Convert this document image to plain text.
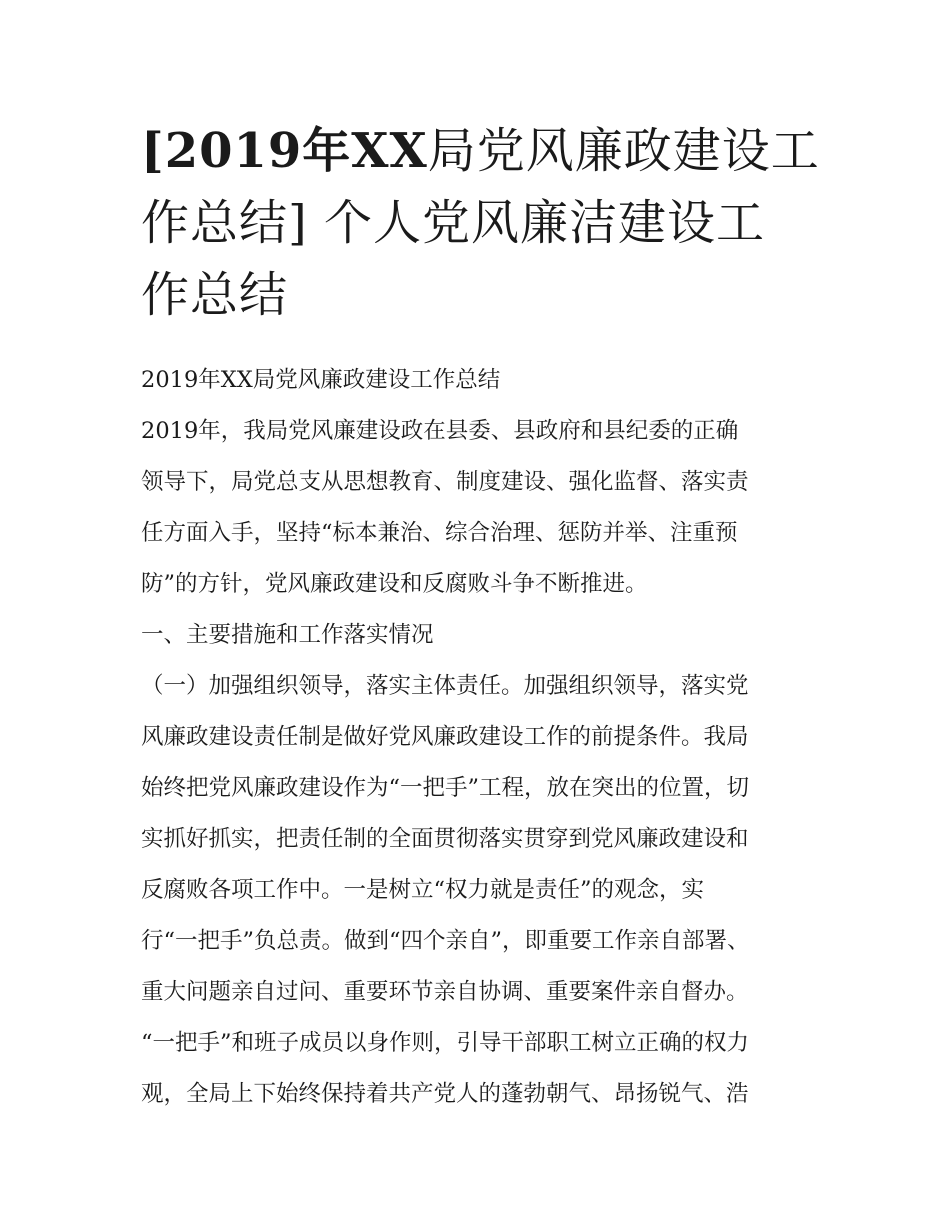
[2019年XX局党风廉政建设工
作总结] 个人党风廉洁建设工
作总结
2019年XX局党风廉政建设工作总结
2019年，我局党风廉建设政在县委、县政府和县纪委的正确
领导下，局党总支从思想教育、制度建设、强化监督、落实责
任方面入手，坚持“标本兼治、综合治理、惩防并举、注重预
防”的方针，党风廉政建设和反腐败斗争不断推进。
一、主要措施和工作落实情况
（一）加强组织领导，落实主体责任。加强组织领导，落实党
风廉政建设责任制是做好党风廉政建设工作的前提条件。我局
始终把党风廉政建设作为“一把手”工程，放在突出的位置，切
实抓好抓实，把责任制的全面贯彻落实贯穿到党风廉政建设和
反腐败各项工作中。一是树立“权力就是责任”的观念，实
行“一把手”负总责。做到“四个亲自”，即重要工作亲自部署、
重大问题亲自过问、重要环节亲自协调、重要案件亲自督办。
“一把手”和班子成员以身作则，引导干部职工树立正确的权力
观，全局上下始终保持着共产党人的蓬勃朝气、昂扬锐气、浩
